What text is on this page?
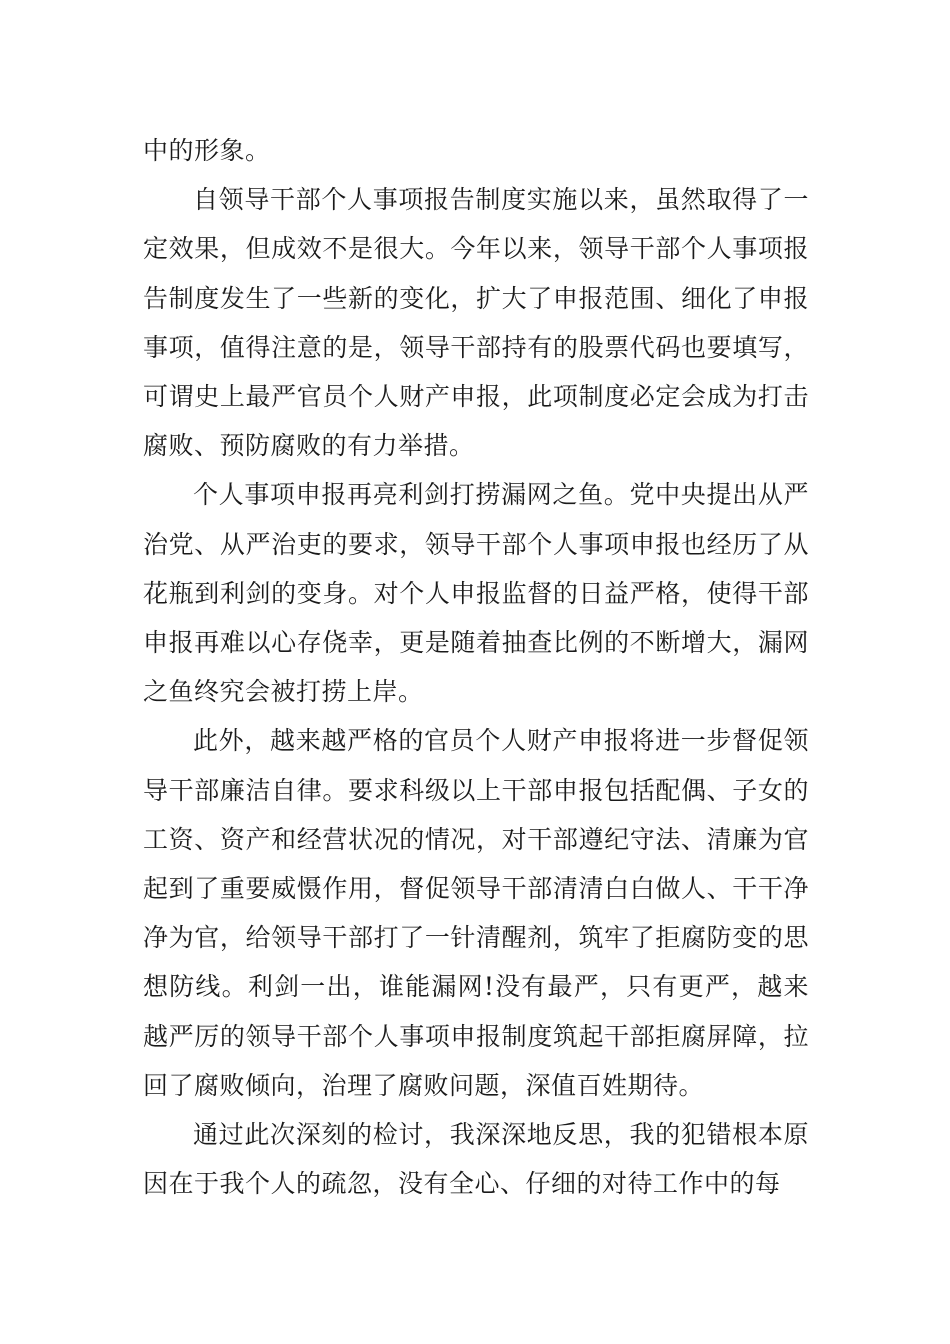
中的形象。

自领导干部个人事项报告制度实施以来，虽然取得了一定效果，但成效不是很大。今年以来，领导干部个人事项报告制度发生了一些新的变化，扩大了申报范围、细化了申报事项，值得注意的是，领导干部持有的股票代码也要填写，可谓史上最严官员个人财产申报，此项制度必定会成为打击腐败、预防腐败的有力举措。

个人事项申报再亮利剑打捞漏网之鱼。党中央提出从严治党、从严治吏的要求，领导干部个人事项申报也经历了从花瓶到利剑的变身。对个人申报监督的日益严格，使得干部申报再难以心存侥幸，更是随着抽查比例的不断增大，漏网之鱼终究会被打捞上岸。

此外，越来越严格的官员个人财产申报将进一步督促领导干部廉洁自律。要求科级以上干部申报包括配偶、子女的工资、资产和经营状况的情况，对干部遵纪守法、清廉为官起到了重要威慑作用，督促领导干部清清白白做人、干干净净为官，给领导干部打了一针清醒剂，筑牢了拒腐防变的思想防线。利剑一出，谁能漏网!没有最严，只有更严，越来越严厉的领导干部个人事项申报制度筑起干部拒腐屏障，拉回了腐败倾向，治理了腐败问题，深值百姓期待。

通过此次深刻的检讨，我深深地反思，我的犯错根本原因在于我个人的疏忽，没有全心、仔细的对待工作中的每
